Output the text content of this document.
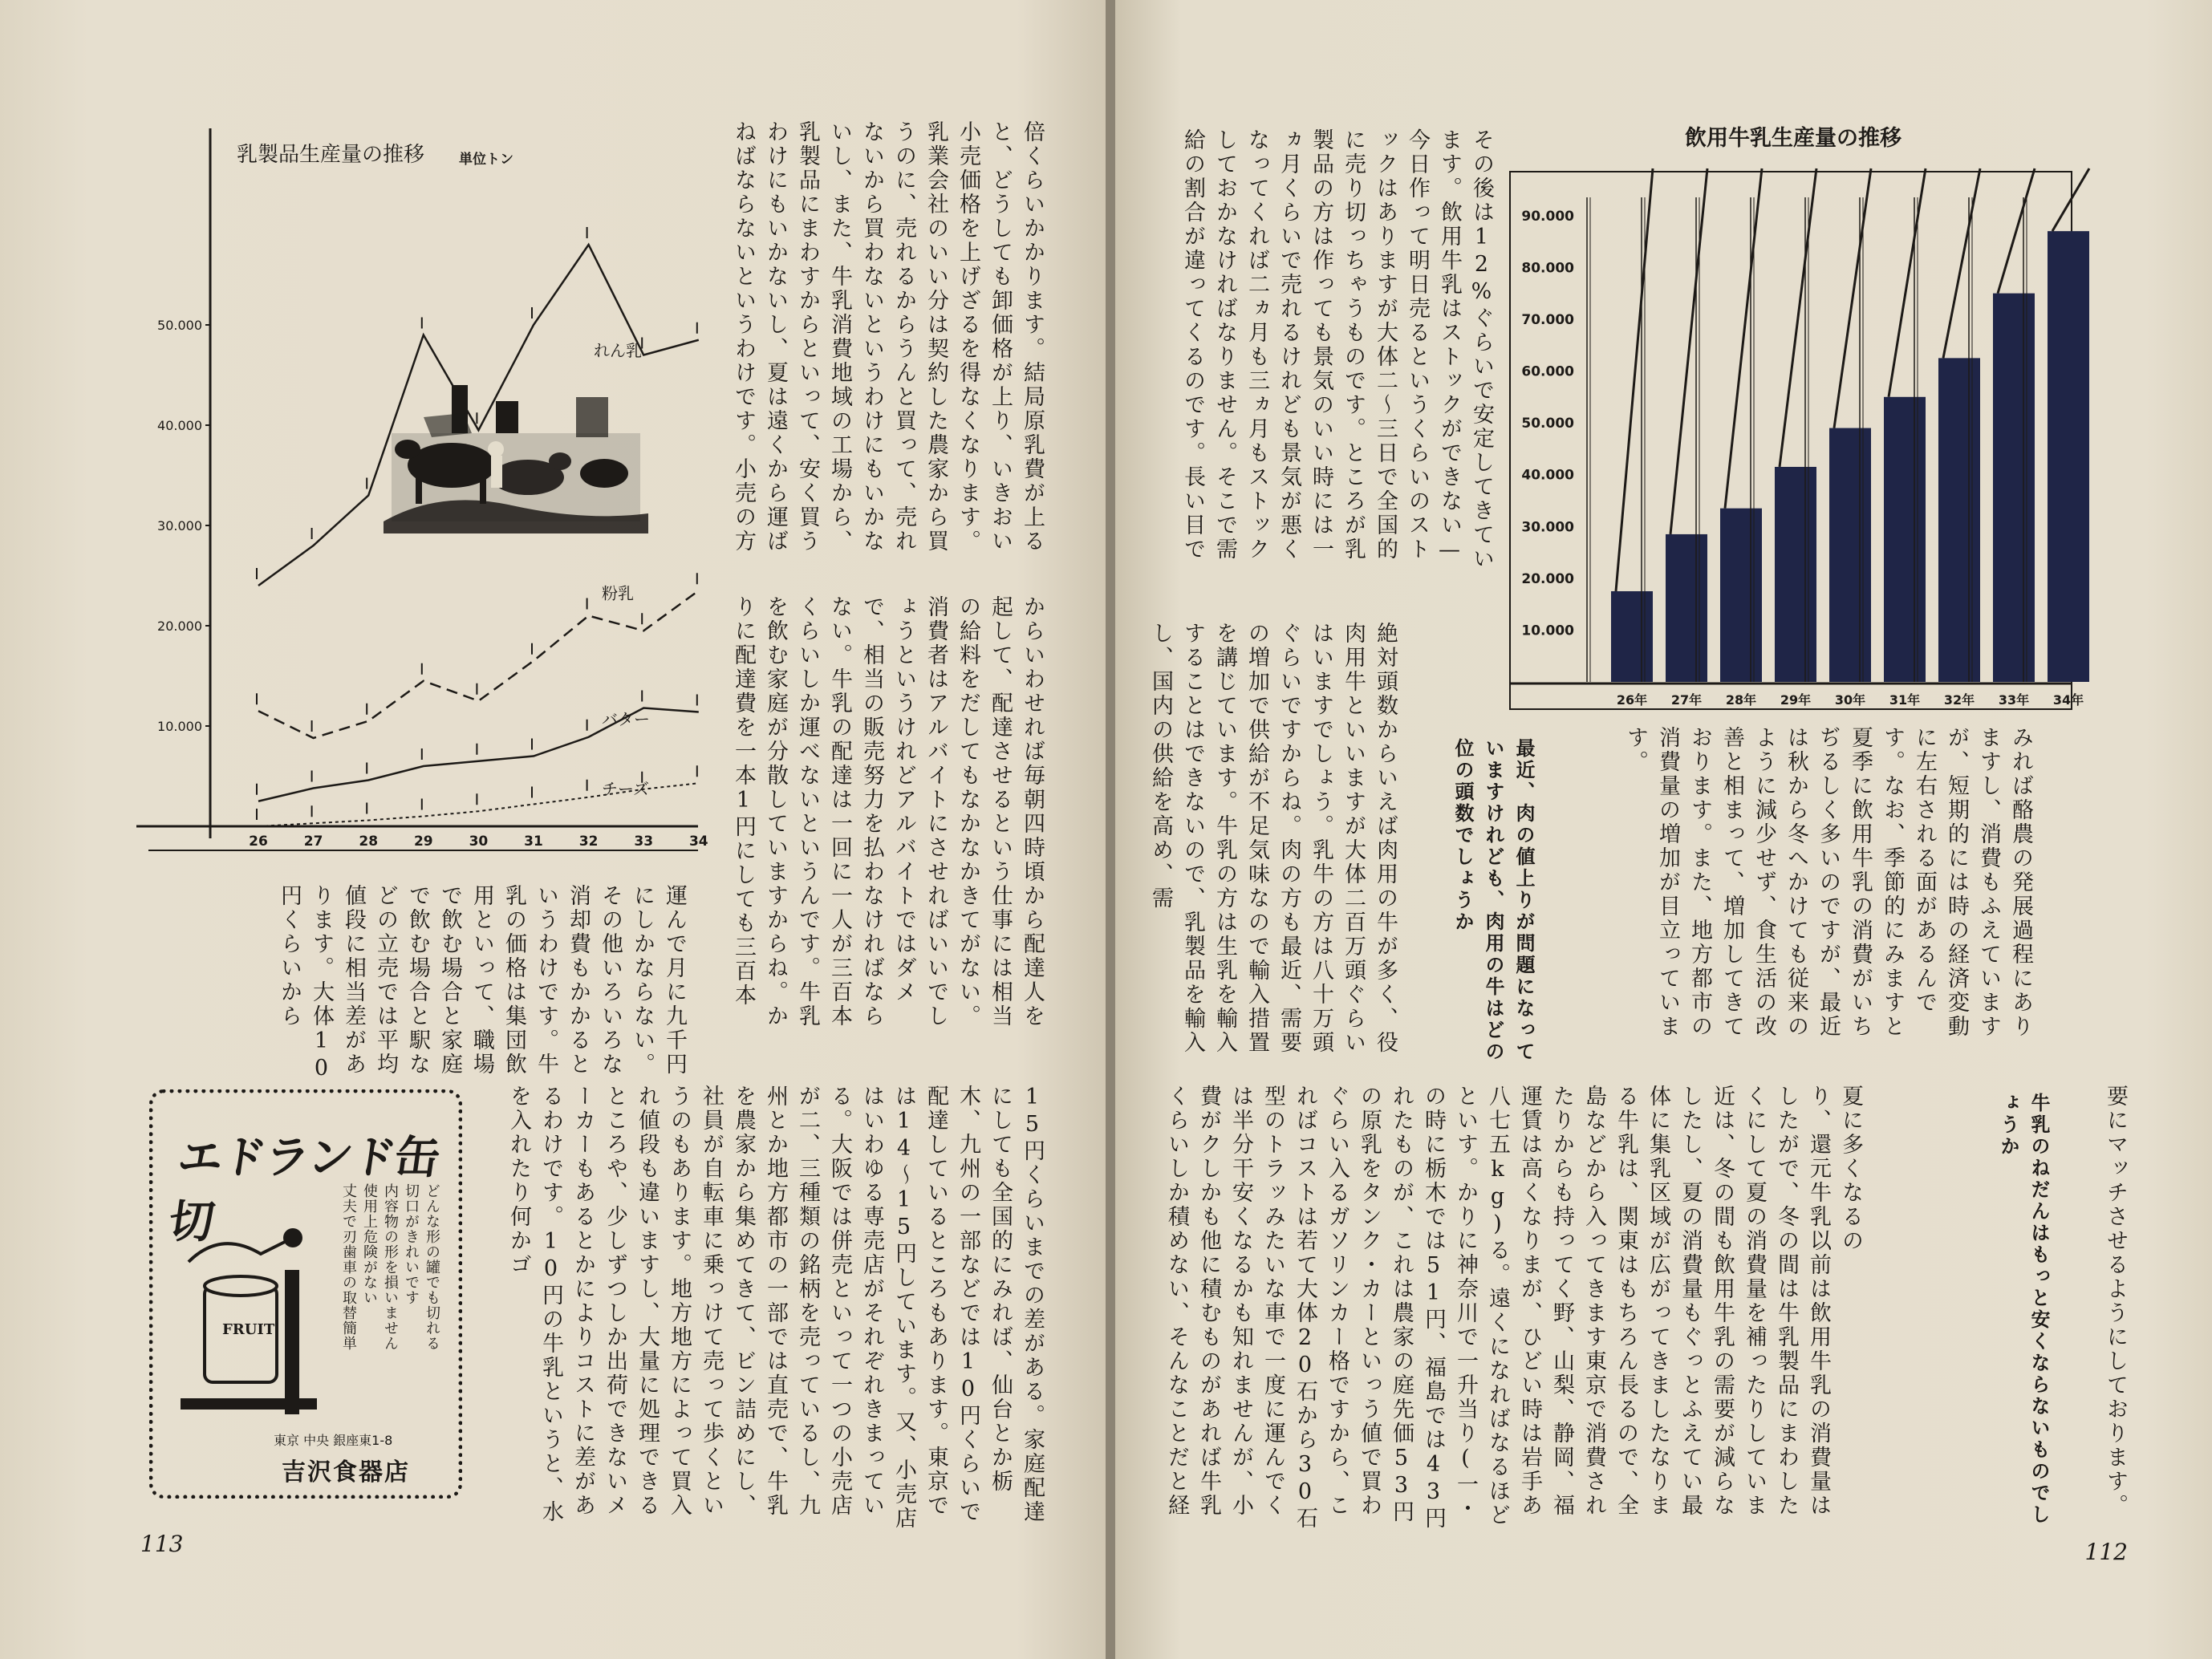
乳製品生産量の推移	単位トン
10.000
20.000
30.000
40.000
50.000
26	27	28	29	30	31	32	33	34
れん乳
粉乳
バター
チーズ
倍くらいかかります。結局原乳費が上ると、どうしても卸価格が上り、いきおい小売価格を上げざるを得なくなります。乳業会社のいい分は契約した農家から買うのに、売れるからうんと買って、売れないから買わないというわけにもいかないし、また、牛乳消費地域の工場から、乳製品にまわすからといって、安く買うわけにもいかないし、夏は遠くから運ばねばならないというわけです。小売の方
からいわせれば毎朝四時頃から配達人を起して、配達させるという仕事には相当の給料をだしてもなかなかきてがない。消費者はアルバイトにさせればいいでしょうというけれどアルバイトではダメで、相当の販売努力を払わなければならない。牛乳の配達は一回に一人が三百本くらいしか運べないというんです。牛乳を飲む家庭が分散していますからね。かりに配達費を一本1円にしても三百本
運んで月に九千円にしかならない。その他いろいろな消却費もかかるというわけです。牛乳の価格は集団飲用といって、職場で飲む場合と家庭で飲む場合と駅などの立売では平均値段に相当差があります。大体10円くらいから
15円くらいまでの差がある。家庭配達にしても全国的にみれば、仙台とか栃木、九州の一部などでは10円くらいで配達しているところもあります。東京では14〜15円しています。又、小売店はいわゆる専売店がそれぞれきまっている。大阪では併売といって一つの小売店が二、三種類の銘柄を売っているし、九州とか地方都市の一部では直売で、牛乳を農家から集めてきて、ビン詰めにし、社員が自転車に乗っけて売って歩くというのもあります。地方地方によって買入れ値段も違いますし、大量に処理できるところや、少しずつしか出荷できないメーカーもあるとかによりコストに差があるわけです。10円の牛乳というと、水を入れたり何かゴ
エドランド缶切
FRUIT	どんな形の罐でも切れる
切口がきれいです
内容物の形を損いません
使用上危険がない
丈夫で刃歯車の取替簡単
東京 中央 銀座東1-8
吉沢食器店
113
飲用牛乳生産量の推移
10.000
20.000
30.000
40.000
50.000
60.000
70.000
80.000
90.000
26年 27年 28年 29年 30年 31年 32年 33年 34年
その後は12%ぐらいで安定してきています。飲用牛乳はストックができない—今日作って明日売るというくらいのストックはありますが大体二〜三日で全国的に売り切っちゃうものです。ところが乳製品の方は作っても景気のいい時には一ヵ月くらいで売れるけれども景気が悪くなってくれば二ヵ月も三ヵ月もストックしておかなければなりません。そこで需給の割合が違ってくるのです。長い目で
絶対頭数からいえば肉用の牛が多く、役肉用牛といいますが大体二百万頭ぐらいはいますでしょう。乳牛の方は八十万頭ぐらいですからね。肉の方も最近、需要の増加で供給が不足気味なので輸入措置を講じています。牛乳の方は生乳を輸入することはできないので、乳製品を輸入し、国内の供給を高め、需	最近、肉の値上りが問題になっていますけれども、肉用の牛はどの位の頭数でしょうか	みれば酪農の発展過程にありますし、消費もふえていますが、短期的には時の経済変動に左右される面があるんです。なお、季節的にみますと夏季に飲用牛乳の消費がいちぢるしく多いのですが、最近は秋から冬へかけても従来のように減少せず、食生活の改善と相まって、増加してきております。また、地方都市の消費量の増加が目立っています。
くらいしか積めない、そんなことだと経費がクしかも他に積むものがあれば牛乳は半分干安くなるかも知れませんが、小型のトラッみたいな車で一度に運んでくればコストは若て大体20石から30石ぐらい入るガソリンカー格ですから、この原乳をタンク・カーといっう値で買われたものが、これは農家の庭先価53円の時に栃木では51円、福島では43円といす。かりに神奈川で一升当り(一・八七五kg)る。遠くになればなるほど運賃は高くなりまが、ひどい時は岩手あたりからも持ってく野、山梨、静岡、福島などから入ってきます東京で消費される牛乳は、関東はもちろん長るので、全体に集乳区域が広がってきましたなりましたし、夏の消費量もぐっとふえてい最近は、冬の間も飲用牛乳の需要が減らなくにして夏の消費量を補ったりしていましたがで、冬の間は牛乳製品にまわしたり、還元牛乳以前は飲用牛乳の消費量は夏に多くなるの	牛乳のねだんはもっと安くならないものでしょうか	要にマッチさせるようにしております。
112
